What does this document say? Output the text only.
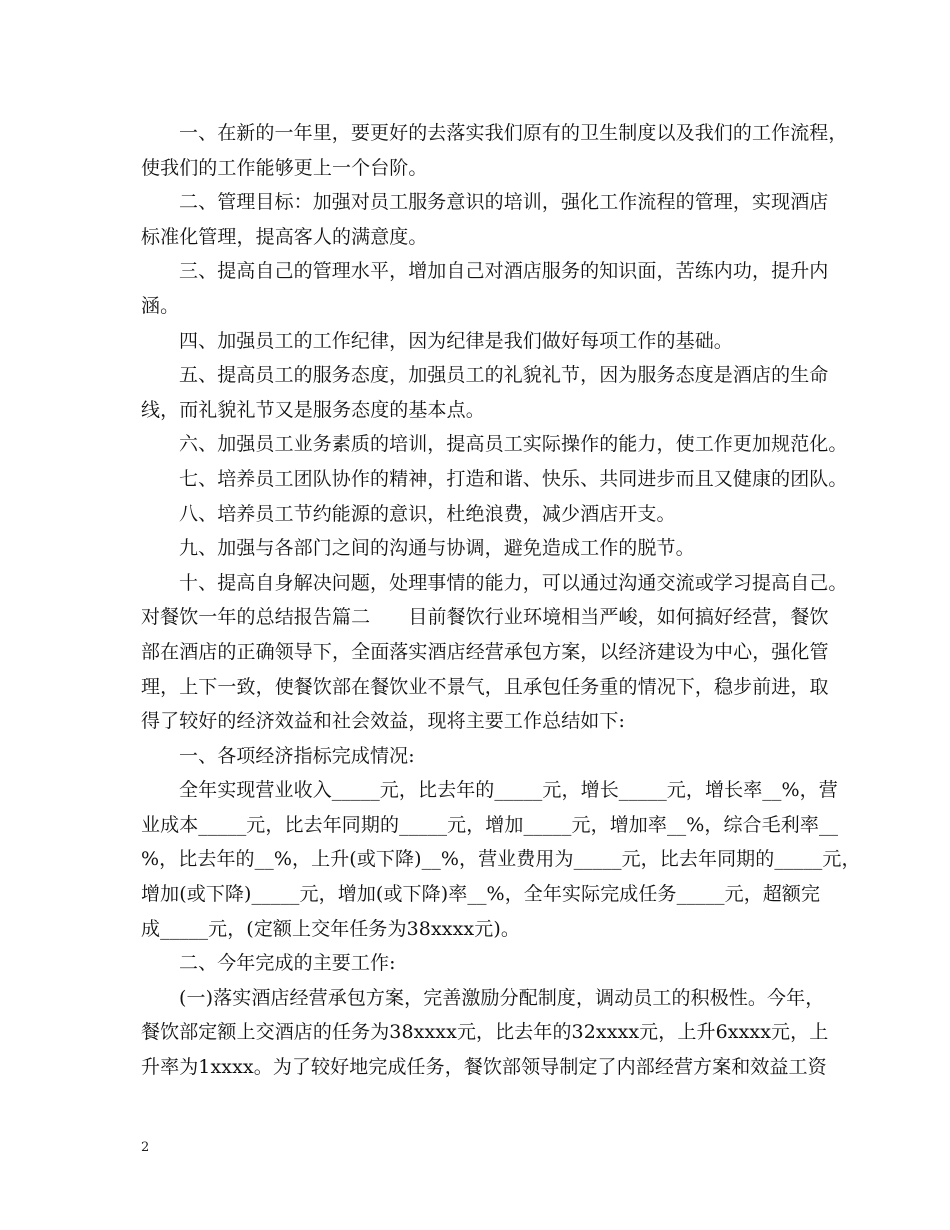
一、在新的一年里，要更好的去落实我们原有的卫生制度以及我们的工作流程，
使我们的工作能够更上一个台阶。
二、管理目标：加强对员工服务意识的培训，强化工作流程的管理，实现酒店
标准化管理，提高客人的满意度。
三、提高自己的管理水平，增加自己对酒店服务的知识面，苦练内功，提升内
涵。
四、加强员工的工作纪律，因为纪律是我们做好每项工作的基础。
五、提高员工的服务态度，加强员工的礼貌礼节，因为服务态度是酒店的生命
线，而礼貌礼节又是服务态度的基本点。
六、加强员工业务素质的培训，提高员工实际操作的能力，使工作更加规范化。
七、培养员工团队协作的精神，打造和谐、快乐、共同进步而且又健康的团队。
八、培养员工节约能源的意识，杜绝浪费，减少酒店开支。
九、加强与各部门之间的沟通与协调，避免造成工作的脱节。
十、提高自身解决问题，处理事情的能力，可以通过沟通交流或学习提高自己。
对餐饮一年的总结报告篇二　　目前餐饮行业环境相当严峻，如何搞好经营，餐饮
部在酒店的正确领导下，全面落实酒店经营承包方案，以经济建设为中心，强化管
理，上下一致，使餐饮部在餐饮业不景气，且承包任务重的情况下，稳步前进，取
得了较好的经济效益和社会效益，现将主要工作总结如下:
一、各项经济指标完成情况:
全年实现营业收入_____元，比去年的_____元，增长_____元，增长率__%，营
业成本_____元，比去年同期的_____元，增加_____元，增加率__%，综合毛利率__
%，比去年的__%，上升(或下降)__%，营业费用为_____元，比去年同期的_____元，
增加(或下降)_____元，增加(或下降)率__%，全年实际完成任务_____元，超额完
成_____元，(定额上交年任务为38xxxx元)。
二、今年完成的主要工作:
(一)落实酒店经营承包方案，完善激励分配制度，调动员工的积极性。今年，
餐饮部定额上交酒店的任务为38xxxx元，比去年的32xxxx元，上升6xxxx元，上
升率为1xxxx。为了较好地完成任务，餐饮部领导制定了内部经营方案和效益工资
2
